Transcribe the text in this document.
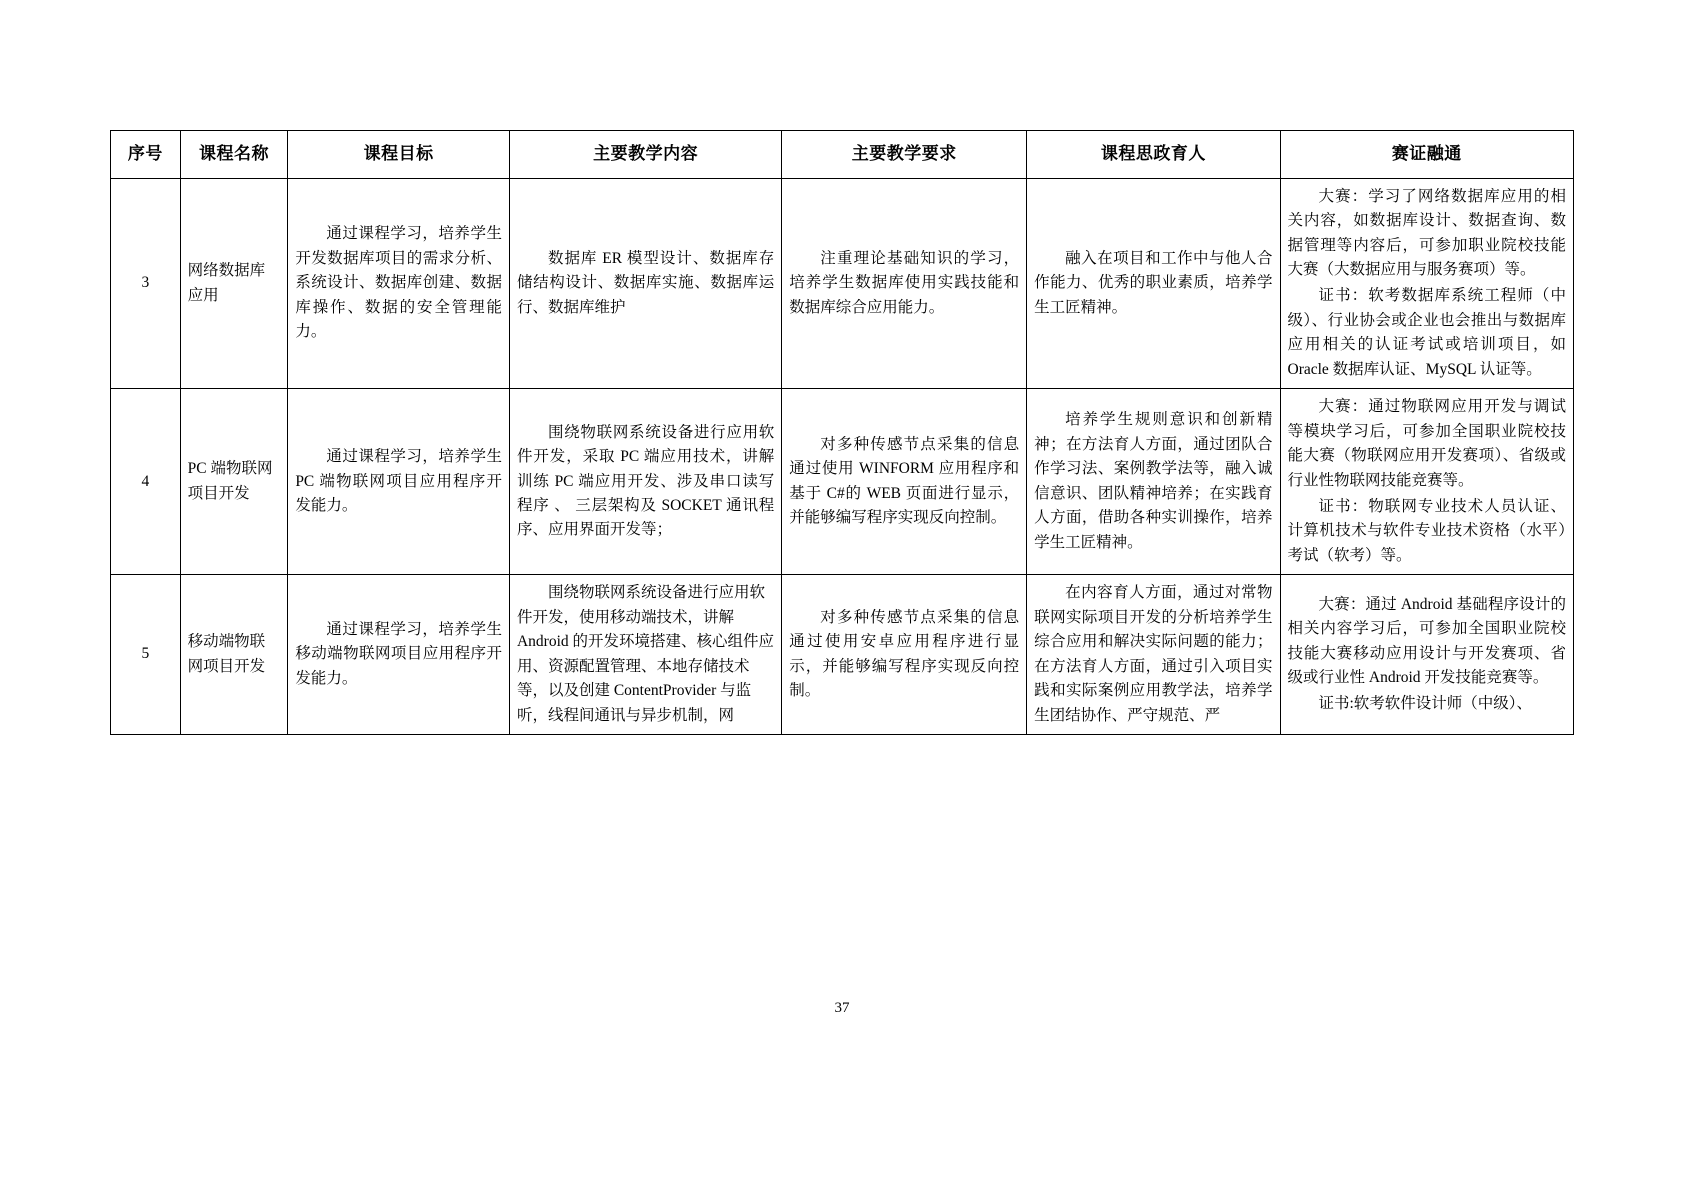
序号	课程名称	课程目标	主要教学内容	主要教学要求	课程思政育人	赛证融通
3	网络数据库应用	通过课程学习，培养学生开发数据库项目的需求分析、系统设计、数据库创建、数据库操作、数据的安全管理能力。	数据库 ER 模型设计、数据库存储结构设计、数据库实施、数据库运行、数据库维护	注重理论基础知识的学习，培养学生数据库使用实践技能和数据库综合应用能力。	融入在项目和工作中与他人合作能力、优秀的职业素质，培养学生工匠精神。	大赛：学习了网络数据库应用的相关内容，如数据库设计、数据查询、数据管理等内容后，可参加职业院校技能大赛（大数据应用与服务赛项）等。

证书：软考数据库系统工程师（中级）、行业协会或企业也会推出与数据库应用相关的认证考试或培训项目，如 Oracle 数据库认证、MySQL 认证等。

4	PC 端物联网项目开发	通过课程学习，培养学生 PC 端物联网项目应用程序开发能力。	围绕物联网系统设备进行应用软件开发，采取 PC 端应用技术，讲解训练 PC 端应用开发、涉及串口读写程序 、 三层架构及 SOCKET 通讯程序、应用界面开发等；	对多种传感节点采集的信息通过使用 WINFORM 应用程序和基于 C#的 WEB 页面进行显示，并能够编写程序实现反向控制。	培养学生规则意识和创新精神；在方法育人方面，通过团队合作学习法、案例教学法等，融入诚信意识、团队精神培养；在实践育人方面，借助各种实训操作，培养学生工匠精神。	大赛：通过物联网应用开发与调试等模块学习后，可参加全国职业院校技能大赛（物联网应用开发赛项）、省级或行业性物联网技能竞赛等。

证书：物联网专业技术人员认证、计算机技术与软件专业技术资格（水平）考试（软考）等。

5	移动端物联网项目开发	通过课程学习，培养学生移动端物联网项目应用程序开发能力。	围绕物联网系统设备进行应用软件开发，使用移动端技术，讲解 Android 的开发环境搭建、核心组件应用、资源配置管理、本地存储技术等，以及创建 ContentProvider 与监听，线程间通讯与异步机制，网	对多种传感节点采集的信息通过使用安卓应用程序进行显示，并能够编写程序实现反向控制。	在内容育人方面，通过对常物联网实际项目开发的分析培养学生综合应用和解决实际问题的能力；在方法育人方面，通过引入项目实践和实际案例应用教学法，培养学生团结协作、严守规范、严	大赛：通过 Android 基础程序设计的相关内容学习后，可参加全国职业院校技能大赛移动应用设计与开发赛项、省级或行业性 Android 开发技能竞赛等。

证书:软考软件设计师（中级）、

37
